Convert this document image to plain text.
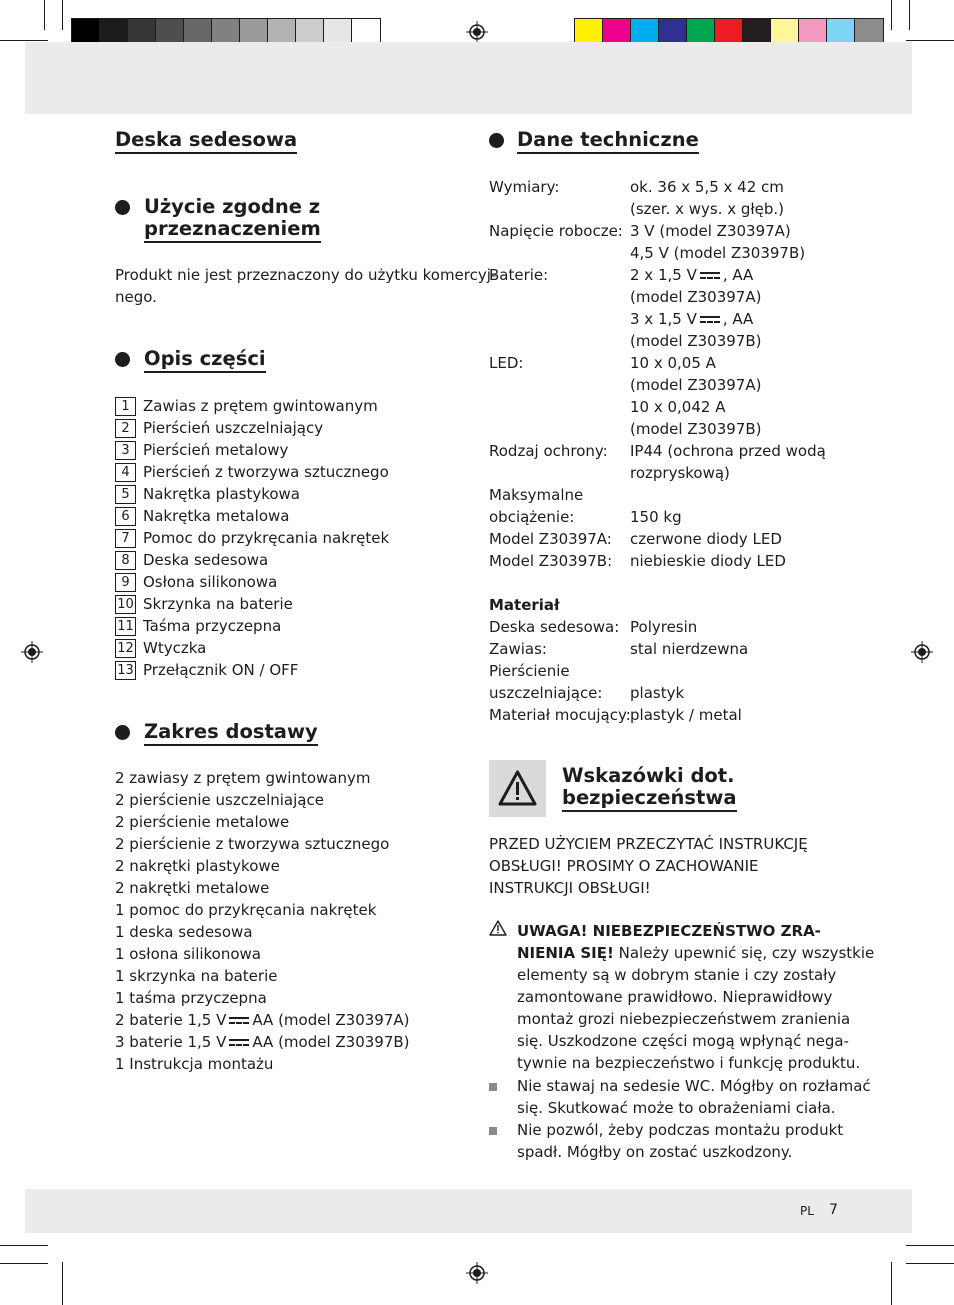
Deska sedesowa
Użycie zgodne z
przeznaczeniem
Produkt nie jest przeznaczony do użytku komercyj-
nego.
Opis części
1 Zawias z prętem gwintowanym
2 Pierścień uszczelniający
3 Pierścień metalowy
4 Pierścień z tworzywa sztucznego
5 Nakrętka plastykowa
6 Nakrętka metalowa
7 Pomoc do przykręcania nakrętek
8 Deska sedesowa
9 Osłona silikonowa
10 Skrzynka na baterie
11 Taśma przyczepna
12 Wtyczka
13 Przełącznik ON / OFF
Zakres dostawy
2 zawiasy z prętem gwintowanym
2 pierścienie uszczelniające
2 pierścienie metalowe
2 pierścienie z tworzywa sztucznego
2 nakrętki plastykowe
2 nakrętki metalowe
1 pomoc do przykręcania nakrętek
1 deska sedesowa
1 osłona silikonowa
1 skrzynka na baterie
1 taśma przyczepna
2 baterie 1,5 V AA (model Z30397A)
3 baterie 1,5 V AA (model Z30397B)
1 Instrukcja montażu
Dane techniczne
Wymiary:	ok. 36 x 5,5 x 42 cm
(szer. x wys. x głęb.)
Napięcie robocze: 3 V (model Z30397A)
4,5 V (model Z30397B)
Baterie:	2 x 1,5 V , AA
(model Z30397A)
3 x 1,5 V , AA
(model Z30397B)
LED:	10 x 0,05 A
(model Z30397A)
10 x 0,042 A
(model Z30397B)
Rodzaj ochrony: IP44 (ochrona przed wodą
rozpryskową)
Maksymalne
obciążenie:	150 kg
Model Z30397A: czerwone diody LED
Model Z30397B: niebieskie diody LED
Materiał
Deska sedesowa: Polyresin
Zawias:	stal nierdzewna
Pierścienie
uszczelniające: plastyk
Materiał mocujący: plastyk / metal
Wskazówki dot.
bezpieczeństwa
PRZED UŻYCIEM PRZECZYTAĆ INSTRUKCJĘ
OBSŁUGI! PROSIMY O ZACHOWANIE
INSTRUKCJI OBSŁUGI!
UWAGA! NIEBEZPIECZEŃSTWO ZRA-
NIENIA SIĘ! Należy upewnić się, czy wszystkie
elementy są w dobrym stanie i czy zostały
zamontowane prawidłowo. Nieprawidłowy
montaż grozi niebezpieczeństwem zranienia
się. Uszkodzone części mogą wpłynąć nega-
tywnie na bezpieczeństwo i funkcję produktu.
Nie stawaj na sedesie WC. Mógłby on rozłamać
się. Skutkować może to obrażeniami ciała.
Nie pozwól, żeby podczas montażu produkt
spadł. Mógłby on zostać uszkodzony.
PL 7
